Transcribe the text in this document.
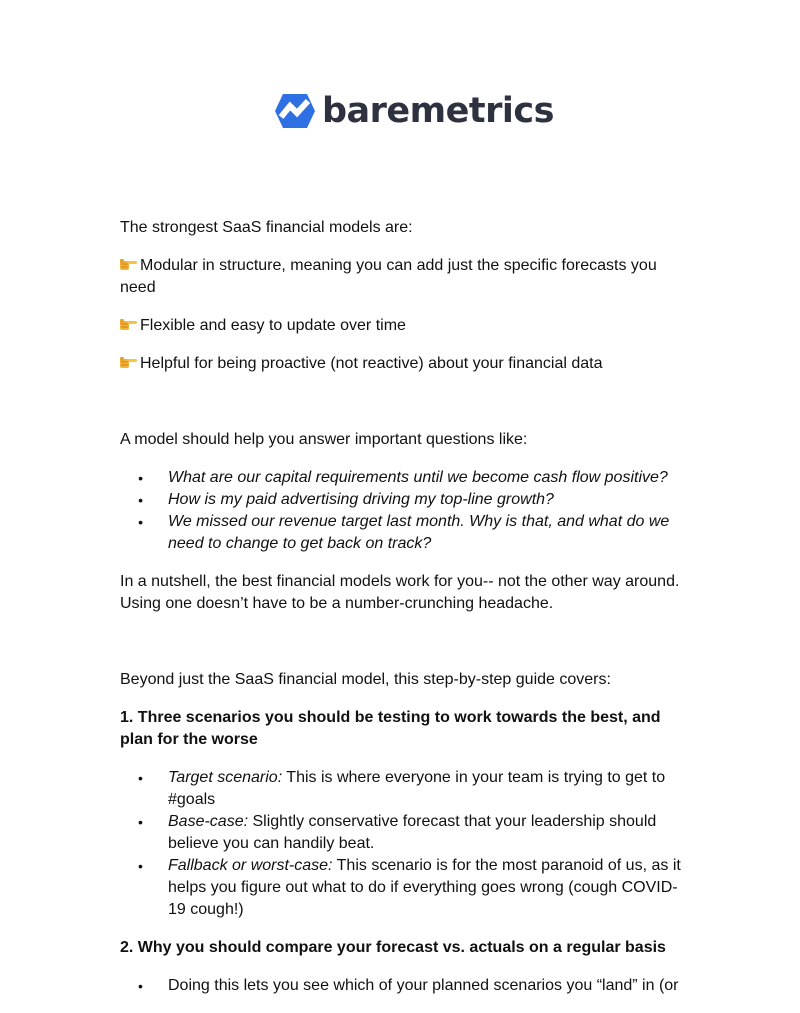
baremetrics

The strongest SaaS financial models are:

Modular in structure, meaning you can add just the specific forecasts you need

Flexible and easy to update over time

Helpful for being proactive (not reactive) about your financial data

A model should help you answer important questions like:

• What are our capital requirements until we become cash flow positive?
• How is my paid advertising driving my top-line growth?
• We missed our revenue target last month. Why is that, and what do we need to change to get back on track?

In a nutshell, the best financial models work for you-- not the other way around. Using one doesn’t have to be a number-crunching headache.

Beyond just the SaaS financial model, this step-by-step guide covers:

1. Three scenarios you should be testing to work towards the best, and plan for the worse

• Target scenario: This is where everyone in your team is trying to get to #goals
• Base-case: Slightly conservative forecast that your leadership should believe you can handily beat.
• Fallback or worst-case: This scenario is for the most paranoid of us, as it helps you figure out what to do if everything goes wrong (cough COVID-19 cough!)

2. Why you should compare your forecast vs. actuals on a regular basis

• Doing this lets you see which of your planned scenarios you “land” in (or
